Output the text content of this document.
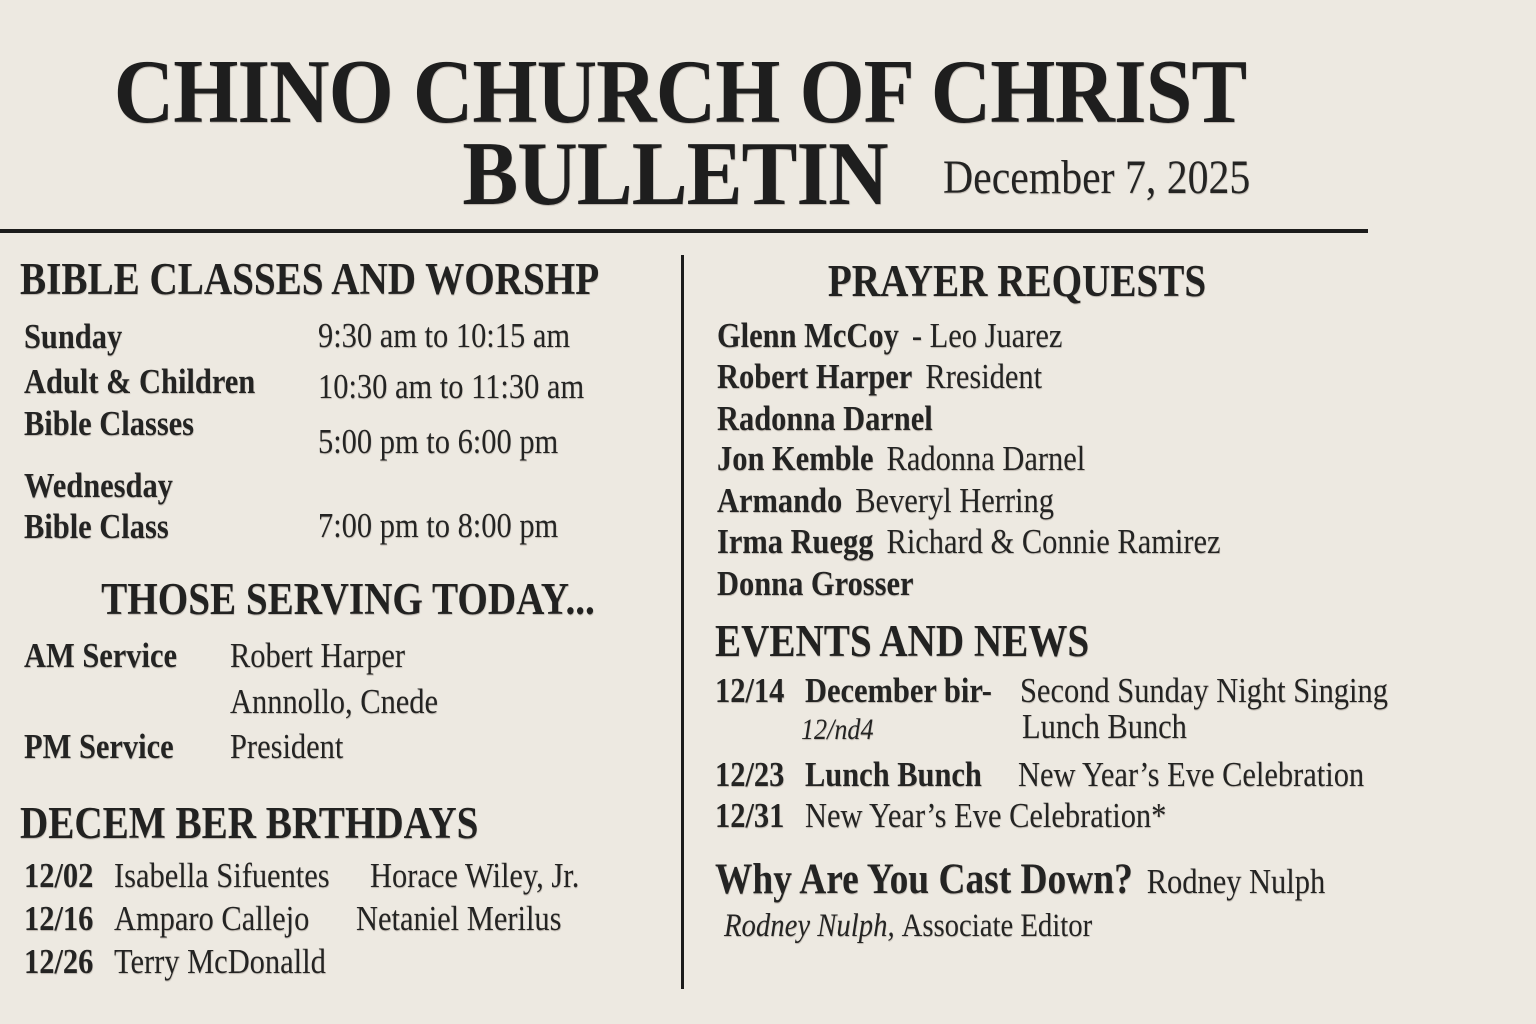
CHINO CHURCH OF CHRIST
BULLETIN	December 7, 2025
BIBLE CLASSES AND WORSHP
Sunday
Adult & Children
Bible Classes
Wednesday
Bible Class
9:30 am to 10:15 am
10:30 am to 11:30 am
5:00 pm to 6:00 pm
7:00 pm to 8:00 pm
THOSE SERVING TODAY...
AM Service Robert Harper
Annnollo, Cnede
PM Service President
DECEM BER BRTHDAYS
12/02 Isabella Sifuentes Horace Wiley, Jr.
12/16 Amparo Callejo Netaniel Merilus
12/26 Terry McDonalld
PRAYER REQUESTS
Glenn McCoy - Leo Juarez
Robert Harper Rresident
Radonna Darnel
Jon Kemble Radonna Darnel
Armando Beveryl Herring
Irma Ruegg Richard & Connie Ramirez
Donna Grosser
EVENTS AND NEWS
12/14 December bir- Second Sunday Night Singing
12/nd4	Lunch Bunch
12/23 Lunch Bunch New Year’s Eve Celebration
12/31 New Year’s Eve Celebration*
Why Are You Cast Down? Rodney Nulph
Rodney Nulph, Associate Editor
